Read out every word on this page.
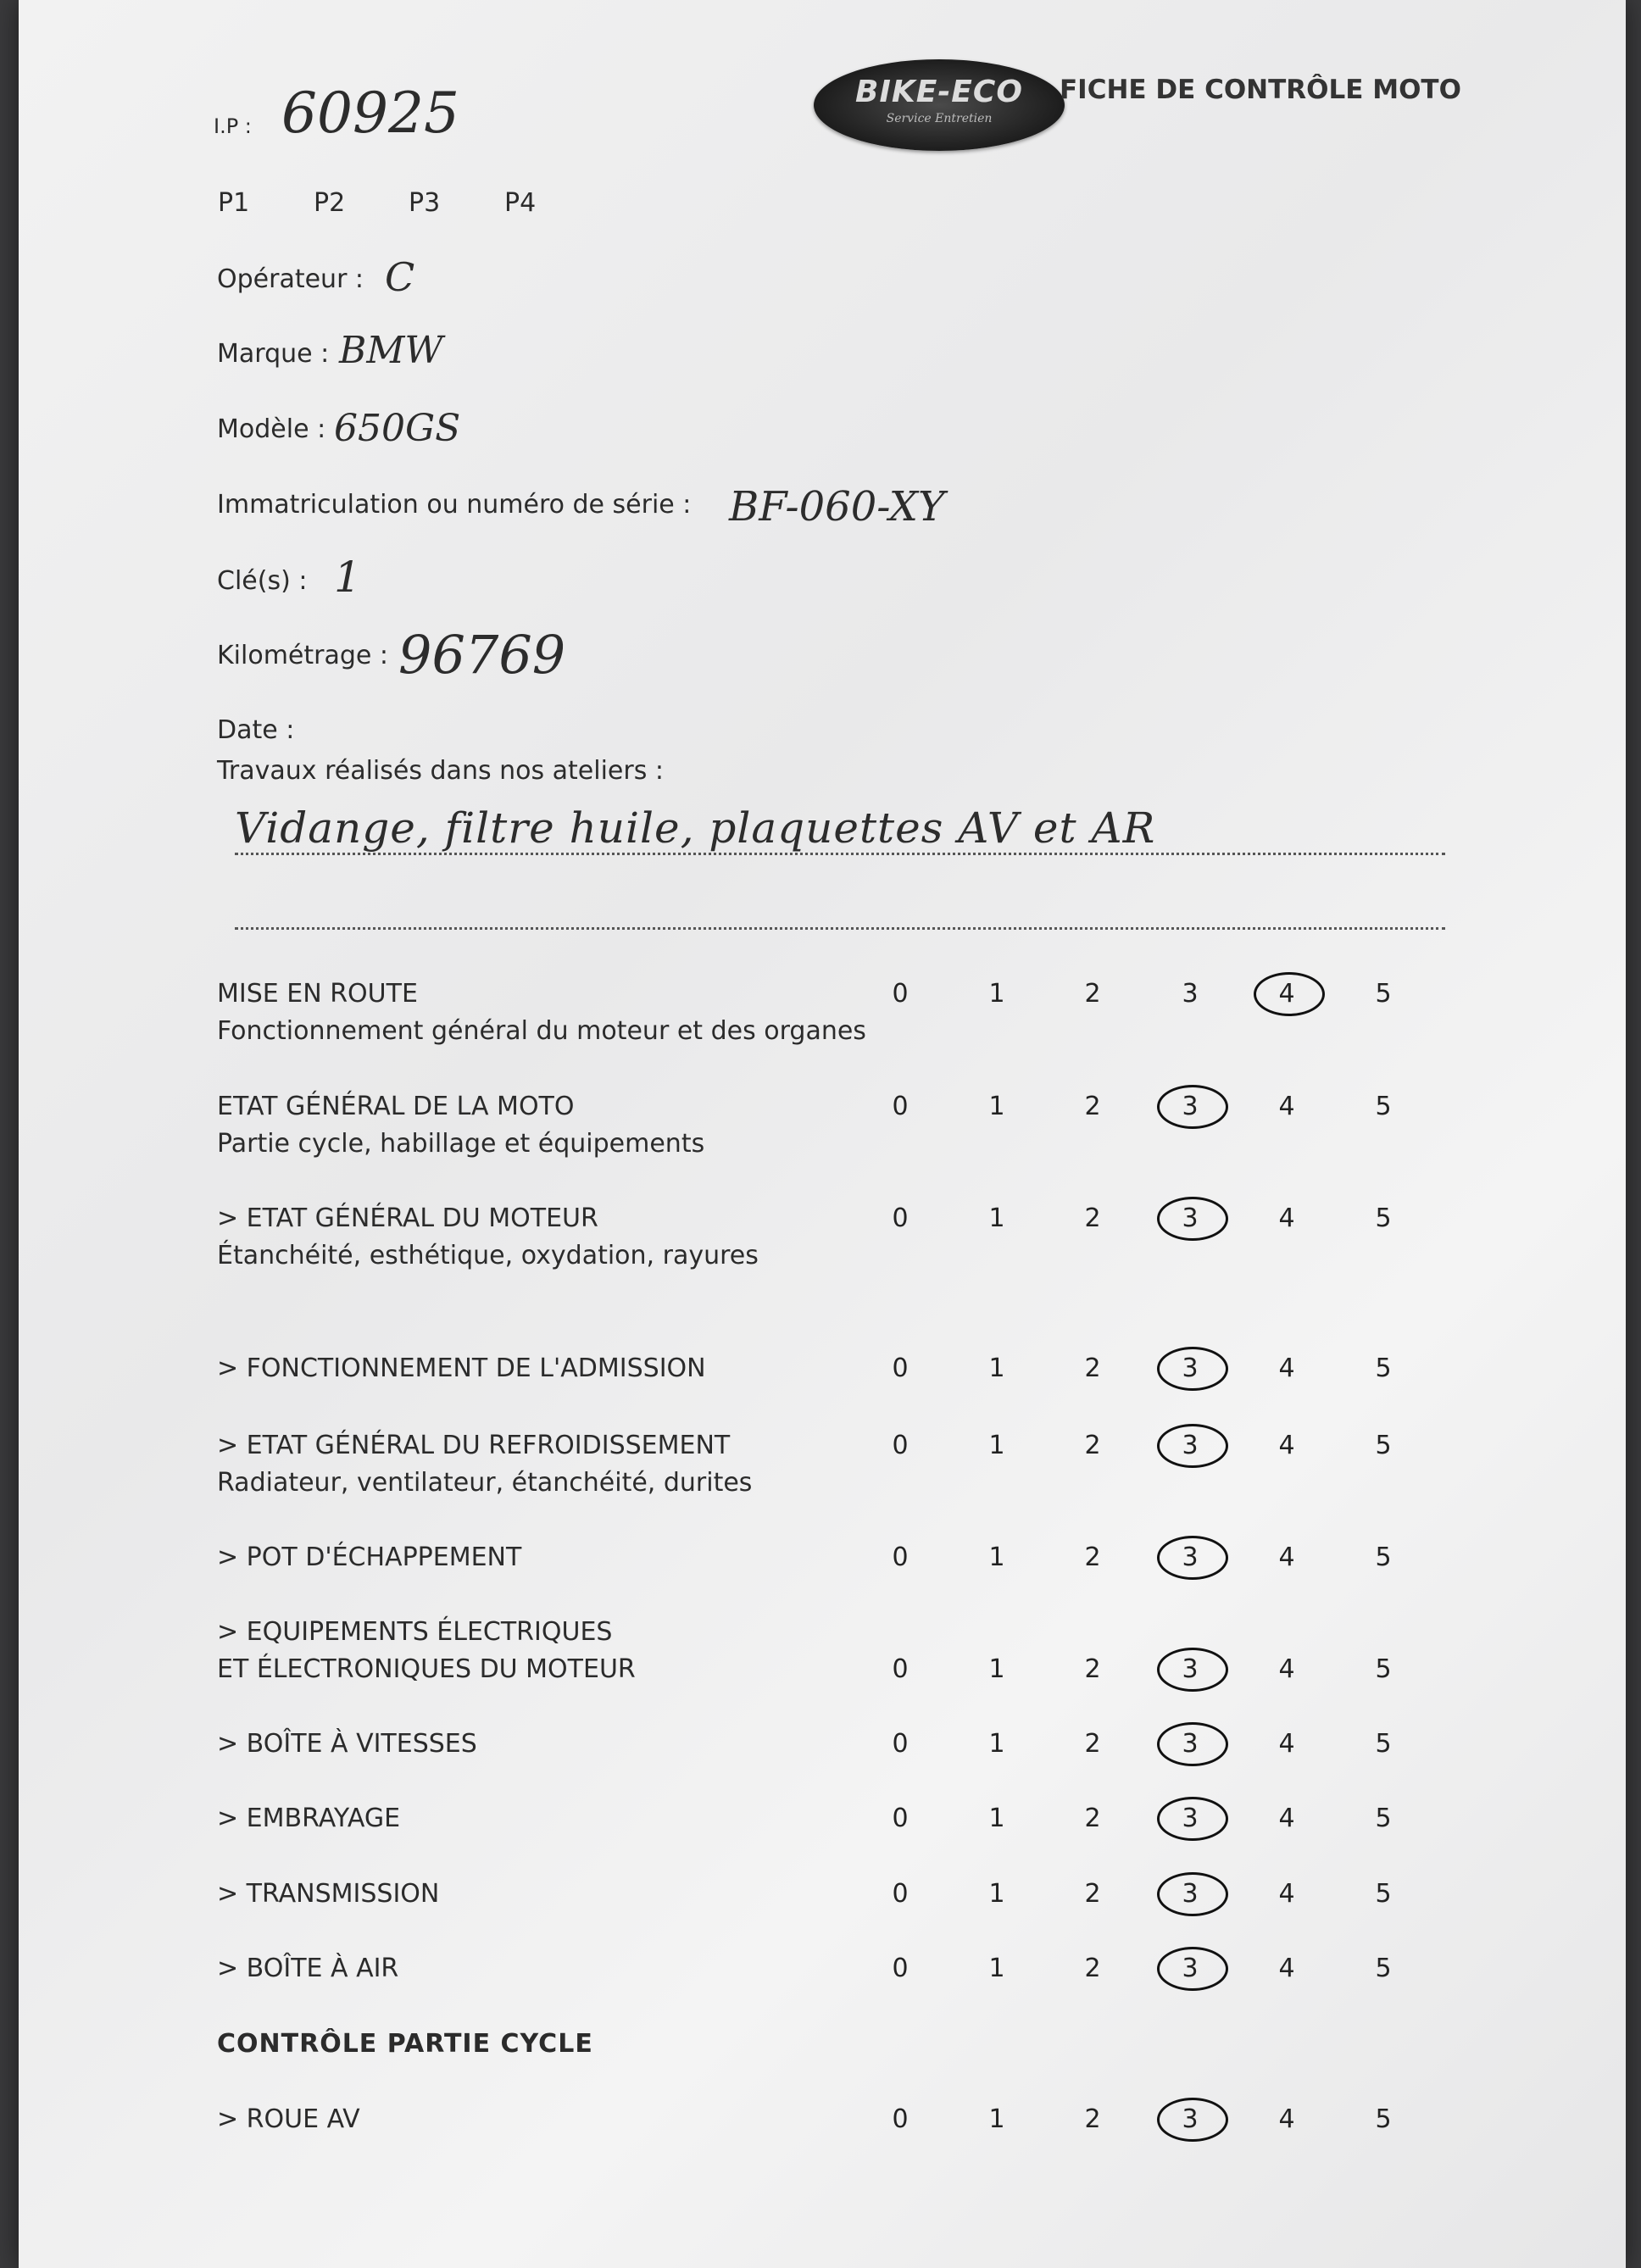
BIKE-ECO
Service Entretien
FICHE DE CONTRÔLE MOTO
I.P : 60925
P1	P2 P3	P4
Opérateur : C
Marque : BMW
Modèle : 650GS
Immatriculation ou numéro de série : BF-060-XY
Clé(s) : 1
Kilométrage : 96769
Date :
Travaux réalisés dans nos ateliers :
Vidange, filtre huile, plaquettes AV et AR
MISE EN ROUTE
Fonctionnement général du moteur et des organes
0	1	2	3	4	5
ETAT GÉNÉRAL DE LA MOTO
Partie cycle, habillage et équipements
0	1	2	3	4	5
> ETAT GÉNÉRAL DU MOTEUR
Étanchéité, esthétique, oxydation, rayures
0	1	2	3	4	5
> FONCTIONNEMENT DE L'ADMISSION	0	1	2	3	4	5
> ETAT GÉNÉRAL DU REFROIDISSEMENT
Radiateur, ventilateur, étanchéité, durites
0	1	2	3	4	5
> POT D'ÉCHAPPEMENT	0	1	2	3	4	5
> EQUIPEMENTS ÉLECTRIQUES
ET ÉLECTRONIQUES DU MOTEUR	0	1	2	3	4	5
> BOÎTE À VITESSES	0	1	2	3	4	5
> EMBRAYAGE	0	1	2	3	4	5
> TRANSMISSION	0	1	2	3	4	5
> BOÎTE À AIR	0	1	2	3	4	5
> ROUE AV	0	1	2	3	4	5
CONTRÔLE PARTIE CYCLE
